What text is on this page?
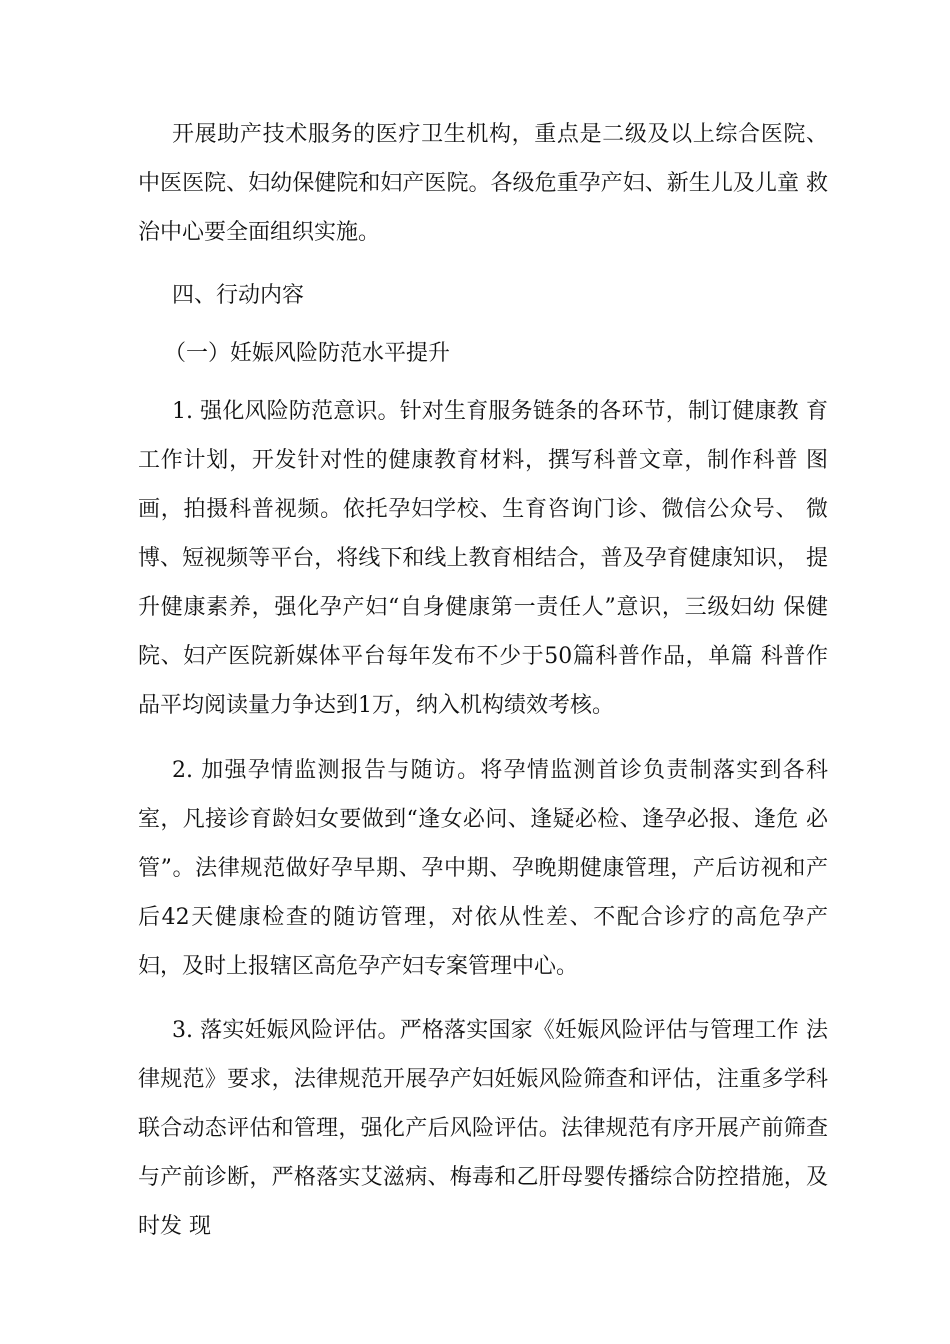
开展助产技术服务的医疗卫生机构，重点是二级及以上综合医院、 中医医院、妇幼保健院和妇产医院。各级危重孕产妇、新生儿及儿童 救治中心要全面组织实施。

四、行动内容

（一）妊娠风险防范水平提升

1. 强化风险防范意识。针对生育服务链条的各环节，制订健康教 育工作计划，开发针对性的健康教育材料，撰写科普文章，制作科普 图画，拍摄科普视频。依托孕妇学校、生育咨询门诊、微信公众号、 微博、短视频等平台，将线下和线上教育相结合，普及孕育健康知识， 提升健康素养，强化孕产妇“自身健康第一责任人”意识，三级妇幼 保健院、妇产医院新媒体平台每年发布不少于50篇科普作品，单篇 科普作品平均阅读量力争达到1万，纳入机构绩效考核。

2. 加强孕情监测报告与随访。将孕情监测首诊负责制落实到各科 室，凡接诊育龄妇女要做到“逢女必问、逢疑必检、逢孕必报、逢危 必管”。法律规范做好孕早期、孕中期、孕晚期健康管理，产后访视和产后42天健康检查的随访管理，对依从性差、不配合诊疗的高危孕产 妇，及时上报辖区高危孕产妇专案管理中心。

3. 落实妊娠风险评估。严格落实国家《妊娠风险评估与管理工作 法律规范》要求，法律规范开展孕产妇妊娠风险筛查和评估，注重多学科联合动态评估和管理，强化产后风险评估。法律规范有序开展产前筛查与产前诊断，严格落实艾滋病、梅毒和乙肝母婴传播综合防控措施，及时发 现
